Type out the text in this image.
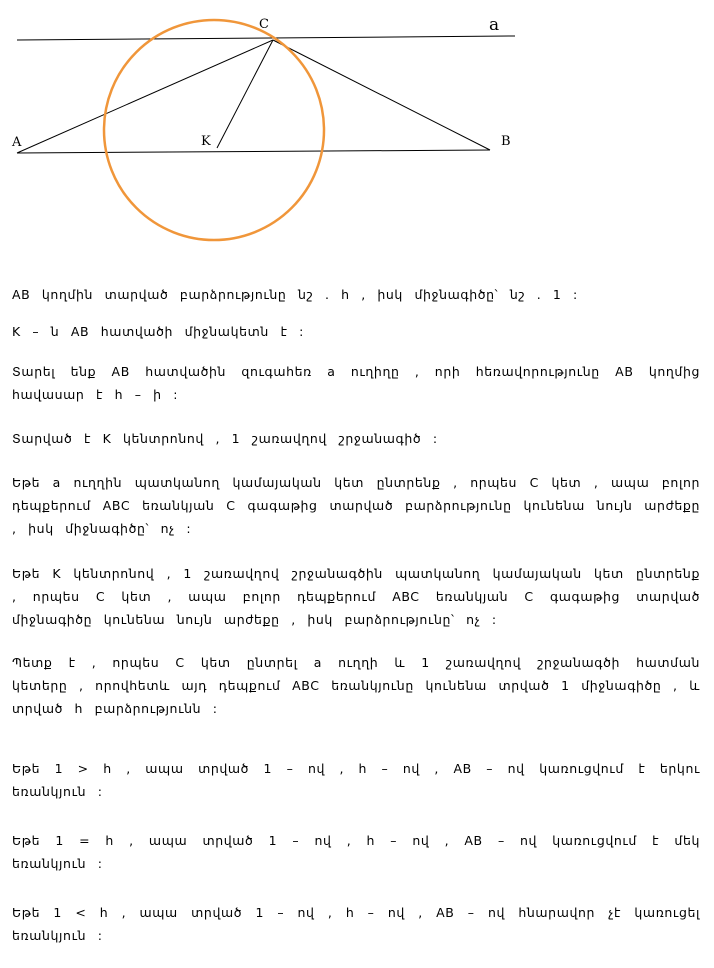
C	a
A	K	B
AB կողմին տարված բարձրությունը նշ . h , իսկ միջնագիծը՝ նշ . 1 :
K – ն AB հատվածի միջնակետն է :
Տարել ենք AB հատվածին զուգահեռ a ուղիղը , որի հեռավորությունը AB կողմից հավասար է h – ի :
Տարված է K կենտրոնով , 1 շառավղով շրջանագիծ :
Եթե a ուղղին պատկանող կամայական կետ ընտրենք , որպես C կետ , ապա բոլոր դեպքերում ABC եռանկյան C գագաթից տարված բարձրությունը կունենա նույն արժեքը , իսկ միջնագիծը՝ ոչ :
Եթե K կենտրոնով , 1 շառավղով շրջանագծին պատկանող կամայական կետ ընտրենք , որպես C կետ , ապա բոլոր դեպքերում ABC եռանկյան C գագաթից տարված միջնագիծը կունենա նույն արժեքը , իսկ բարձրությունը՝ ոչ :
Պետք է , որպես C կետ ընտրել a ուղղի և 1 շառավղով շրջանագծի հատման կետերը , որովհետև այդ դեպքում ABC եռանկյունը կունենա տրված 1 միջնագիծը , և տրված h բարձրությունն :
Եթե 1 > h , ապա տրված 1 – ով , h – ով , AB – ով կառուցվում է երկու եռանկյուն :
Եթե 1 = h , ապա տրված 1 – ով , h – ով , AB – ով կառուցվում է մեկ եռանկյուն :
Եթե 1 < h , ապա տրված 1 – ով , h – ով , AB – ով հնարավոր չէ կառուցել եռանկյուն :
